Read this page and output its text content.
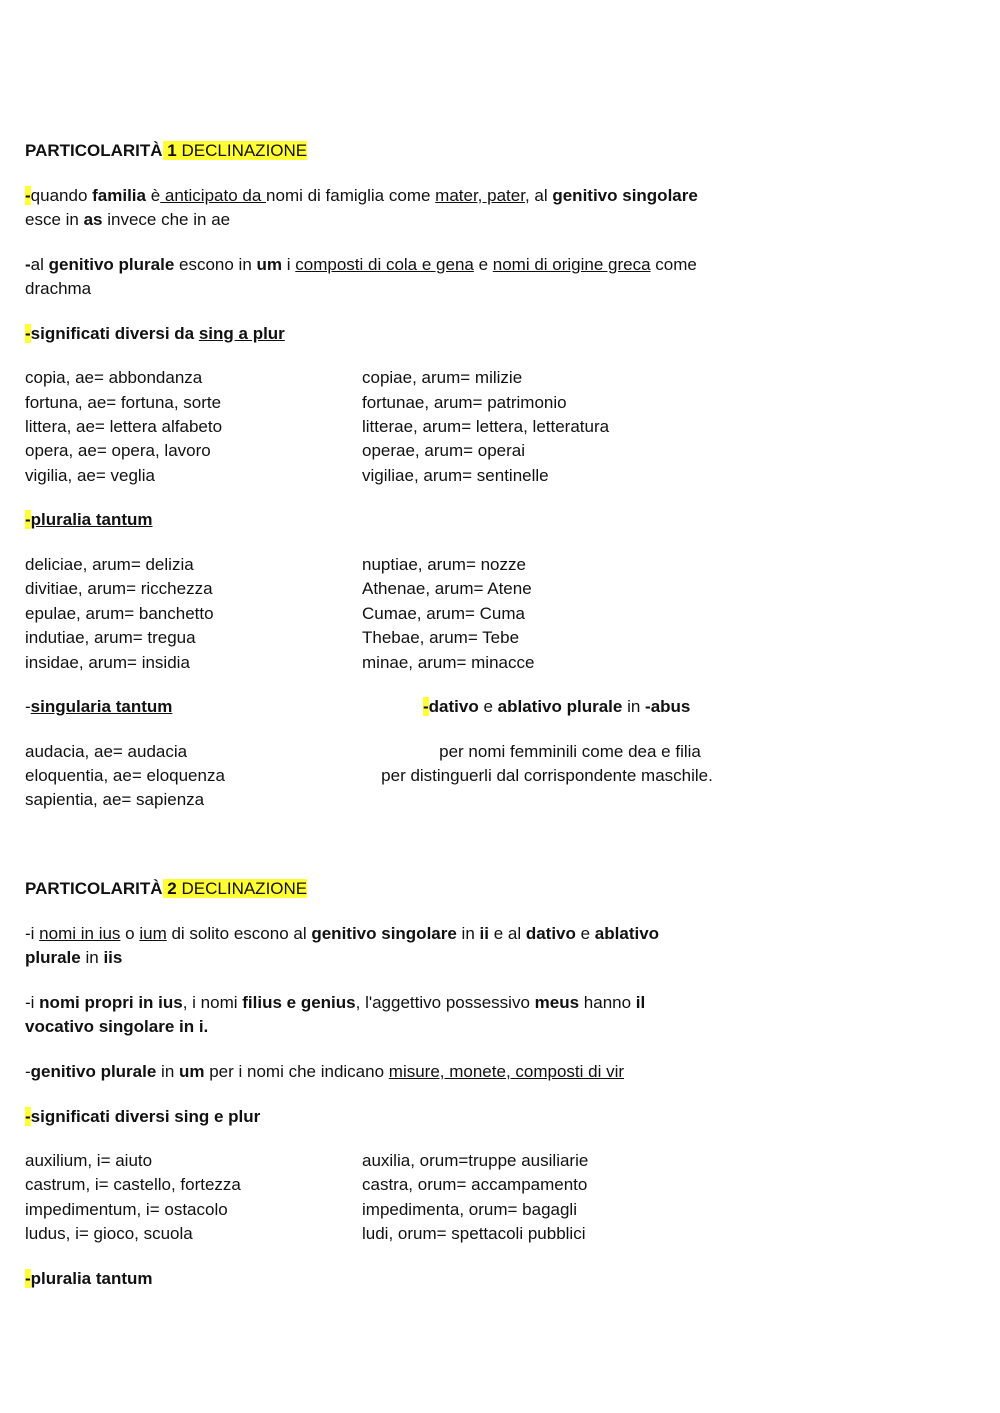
PARTICOLARITÀ 1 DECLINAZIONE
-quando familia è anticipato da nomi di famiglia come mater, pater, al genitivo singolare
esce in as invece che in ae
-al genitivo plurale escono in um i composti di cola e gena e nomi di origine greca come
drachma
-significati diversi da sing a plur
copia, ae= abbondanza	copiae, arum= milizie
fortuna, ae= fortuna, sorte	fortunae, arum= patrimonio
littera, ae= lettera alfabeto	litterae, arum= lettera, letteratura
opera, ae= opera, lavoro	operae, arum= operai
vigilia, ae= veglia	vigiliae, arum= sentinelle
-pluralia tantum
deliciae, arum= delizia	nuptiae, arum= nozze
divitiae, arum= ricchezza	Athenae, arum= Atene
epulae, arum= banchetto	Cumae, arum= Cuma
indutiae, arum= tregua	Thebae, arum= Tebe
insidae, arum= insidia	minae, arum= minacce
-singularia tantum	-dativo e ablativo plurale in -abus
audacia, ae= audacia
eloquentia, ae= eloquenza
sapientia, ae= sapienza
per nomi femminili come dea e filia
per distinguerli dal corrispondente maschile.
PARTICOLARITÀ 2 DECLINAZIONE
-i nomi in ius o ium di solito escono al genitivo singolare in ii e al dativo e ablativo
plurale in iis
-i nomi propri in ius, i nomi filius e genius, l'aggettivo possessivo meus hanno il
vocativo singolare in i.
-genitivo plurale in um per i nomi che indicano misure, monete, composti di vir
-significati diversi sing e plur
auxilium, i= aiuto	auxilia, orum=truppe ausiliarie
castrum, i= castello, fortezza	castra, orum= accampamento
impedimentum, i= ostacolo	impedimenta, orum= bagagli
ludus, i= gioco, scuola	ludi, orum= spettacoli pubblici
-pluralia tantum
